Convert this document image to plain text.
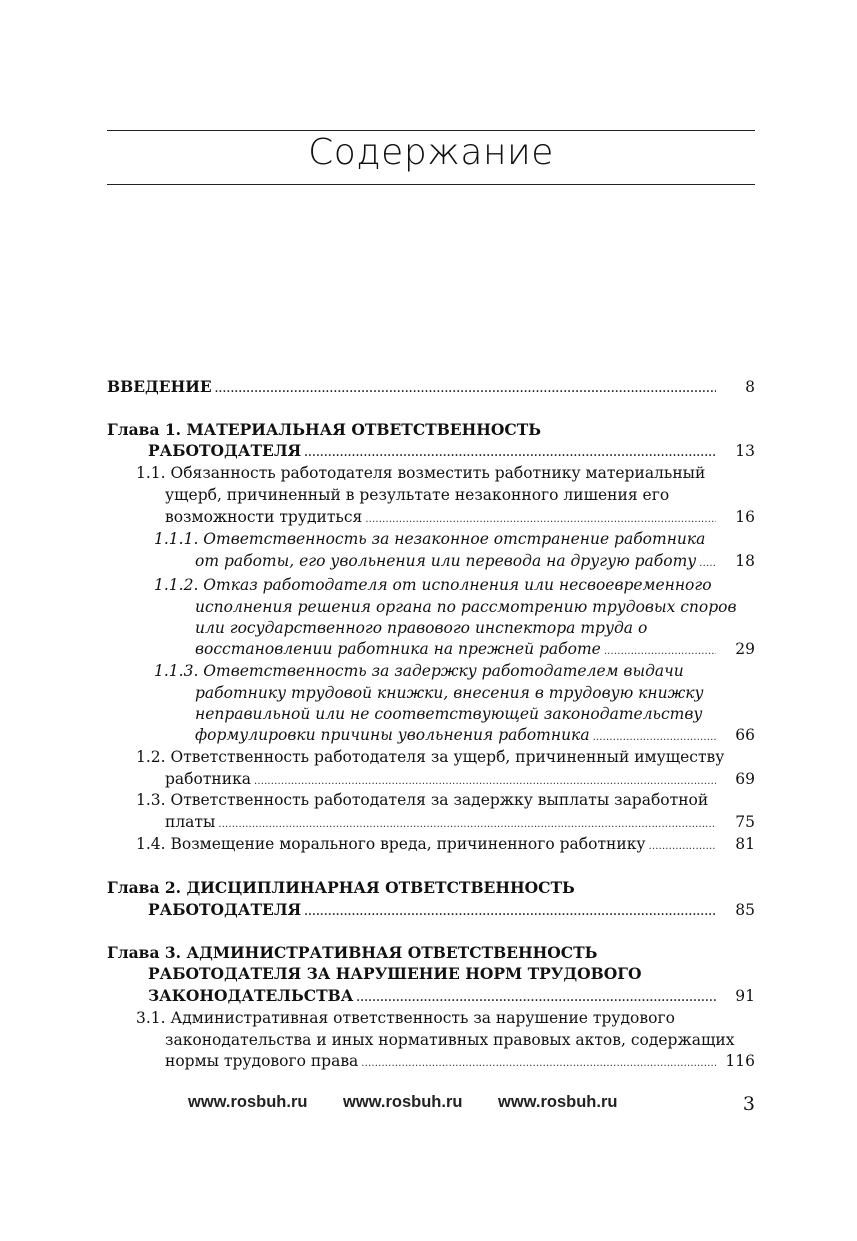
Содержание
ВВЕДЕНИЕ . . .	8
Глава 1. МАТЕРИАЛЬНАЯ ОТВЕТСТВЕННОСТЬ
РАБОТОДАТЕЛЯ . . .	13
1.1. Обязанность работодателя возместить работнику материальный
ущерб, причиненный в результате незаконного лишения его
возможности трудиться . . .	16
1.1.1. Ответственность за незаконное отстранение работника
от работы, его увольнения или перевода на другую работу . . .	18
1.1.2. Отказ работодателя от исполнения или несвоевременного
исполнения решения органа по рассмотрению трудовых споров
или государственного правового инспектора труда о
восстановлении работника на прежней работе . . .	29
1.1.3. Ответственность за задержку работодателем выдачи
работнику трудовой книжки, внесения в трудовую книжку
неправильной или не соответствующей законодательству
формулировки причины увольнения работника . . .	66
1.2. Ответственность работодателя за ущерб, причиненный имуществу
работника . . .	69
1.3. Ответственность работодателя за задержку выплаты заработной
платы . . .	75
1.4. Возмещение морального вреда, причиненного работнику . . .	81
Глава 2. ДИСЦИПЛИНАРНАЯ ОТВЕТСТВЕННОСТЬ
РАБОТОДАТЕЛЯ . . .	85
Глава 3. АДМИНИСТРАТИВНАЯ ОТВЕТСТВЕННОСТЬ
РАБОТОДАТЕЛЯ ЗА НАРУШЕНИЕ НОРМ ТРУДОВОГО
ЗАКОНОДАТЕЛЬСТВА . . .	91
3.1. Административная ответственность за нарушение трудового
законодательства и иных нормативных правовых актов, содержащих
нормы трудового права . . .	116
www.rosbuh.ru www.rosbuh.ru www.rosbuh.ru	3
